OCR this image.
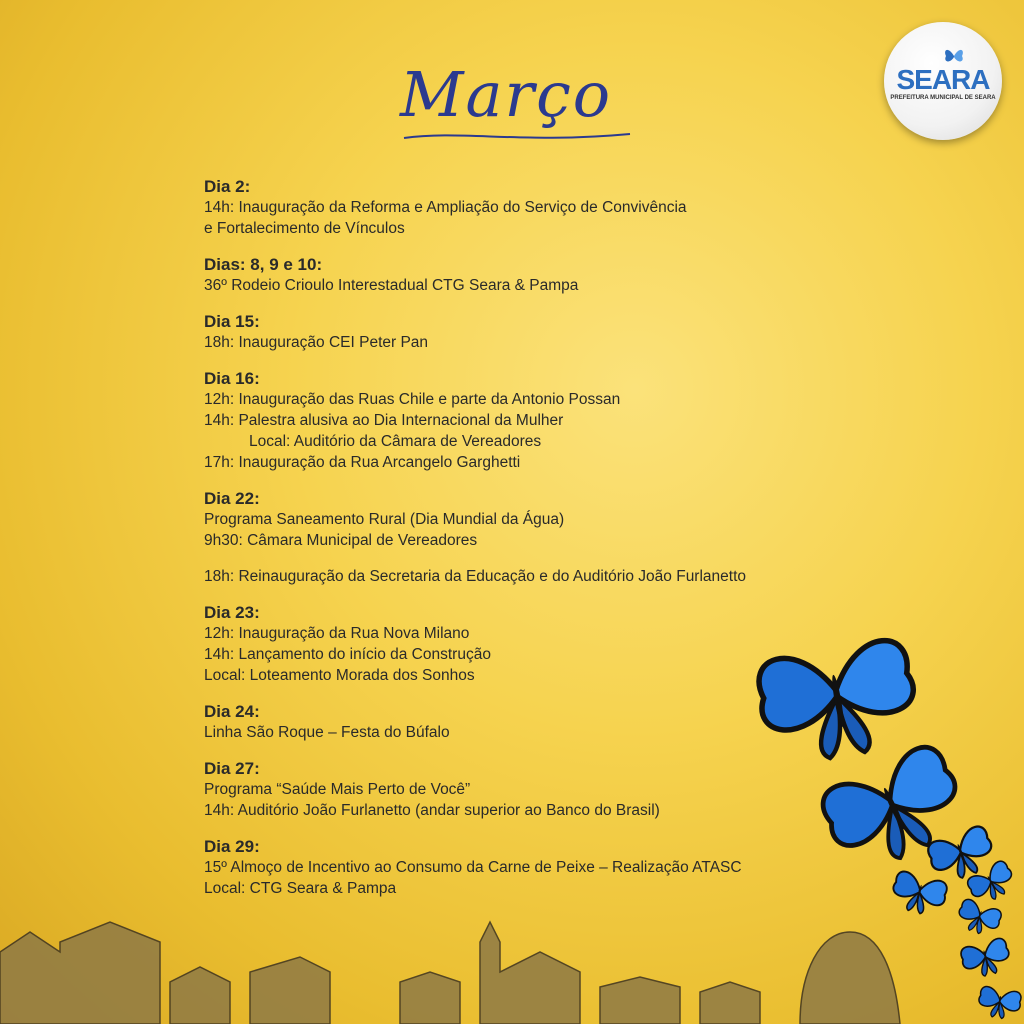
Março	SEARA
PREFEITURA MUNICIPAL DE SEARA
Dia 2:
14h: Inauguração da Reforma e Ampliação do Serviço de Convivência
e Fortalecimento de Vínculos
Dias: 8, 9 e 10:
36º Rodeio Crioulo Interestadual CTG Seara & Pampa
Dia 15:
18h: Inauguração CEI Peter Pan
Dia 16:
12h: Inauguração das Ruas Chile e parte da Antonio Possan
14h: Palestra alusiva ao Dia Internacional da Mulher
Local: Auditório da Câmara de Vereadores
17h: Inauguração da Rua Arcangelo Garghetti
Dia 22:
Programa Saneamento Rural (Dia Mundial da Água)
9h30: Câmara Municipal de Vereadores
18h: Reinauguração da Secretaria da Educação e do Auditório João Furlanetto
Dia 23:
12h: Inauguração da Rua Nova Milano
14h: Lançamento do início da Construção
Local: Loteamento Morada dos Sonhos
Dia 24:
Linha São Roque – Festa do Búfalo
Dia 27:
Programa “Saúde Mais Perto de Você”
14h: Auditório João Furlanetto (andar superior ao Banco do Brasil)
Dia 29:
15º Almoço de Incentivo ao Consumo da Carne de Peixe – Realização ATASC
Local: CTG Seara & Pampa
